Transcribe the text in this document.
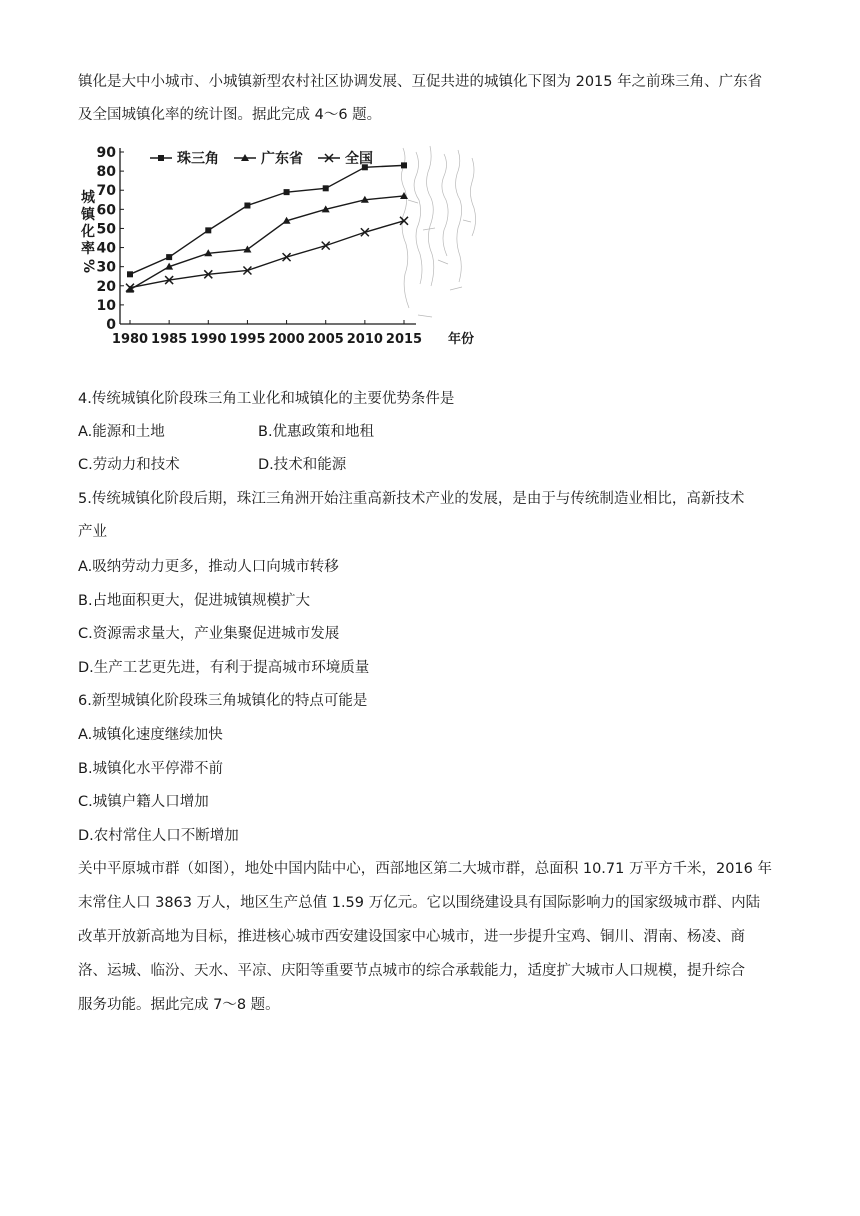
镇化是大中小城市、小城镇新型农村社区协调发展、互促共进的城镇化下图为 2015 年之前珠三角、广东省
及全国城镇化率的统计图。据此完成 4～6 题。
0
10
20
30
40
50
60
70
80
90
1980 1985 1990 1995 2000 2005 2010 2015
珠三角	广东省	全国
城
镇
化
率
%
年份
4.传统城镇化阶段珠三角工业化和城镇化的主要优势条件是
A.能源和土地	B.优惠政策和地租
C.劳动力和技术	D.技术和能源
5.传统城镇化阶段后期，珠江三角洲开始注重高新技术产业的发展，是由于与传统制造业相比，高新技术
产业
A.吸纳劳动力更多，推动人口向城市转移
B.占地面积更大，促进城镇规模扩大
C.资源需求量大，产业集聚促进城市发展
D.生产工艺更先进，有利于提高城市环境质量
6.新型城镇化阶段珠三角城镇化的特点可能是
A.城镇化速度继续加快
B.城镇化水平停滞不前
C.城镇户籍人口增加
D.农村常住人口不断增加
关中平原城市群（如图），地处中国内陆中心，西部地区第二大城市群，总面积 10.71 万平方千米，2016 年
末常住人口 3863 万人，地区生产总值 1.59 万亿元。它以围绕建设具有国际影响力的国家级城市群、内陆
改革开放新高地为目标，推进核心城市西安建设国家中心城市，进一步提升宝鸡、铜川、渭南、杨凌、商
洛、运城、临汾、天水、平凉、庆阳等重要节点城市的综合承载能力，适度扩大城市人口规模，提升综合
服务功能。据此完成 7～8 题。
